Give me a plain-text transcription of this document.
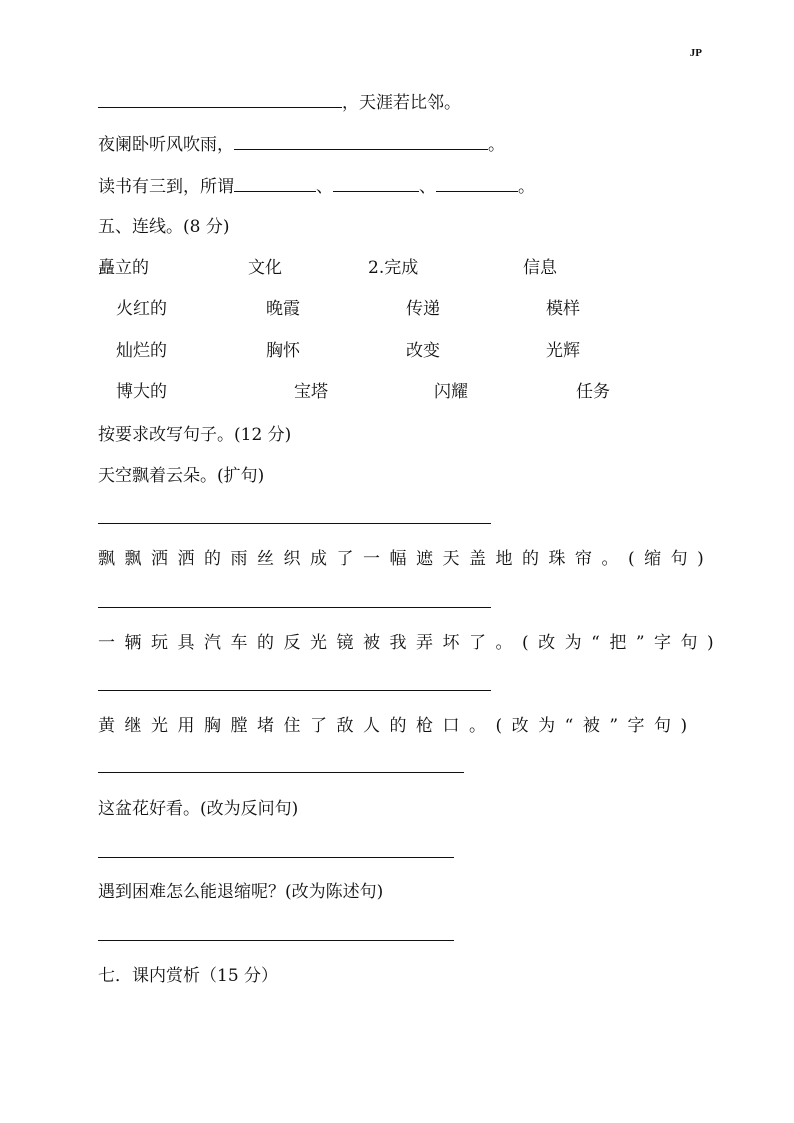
JP
，天涯若比邻。
夜阑卧听风吹雨，	。
读书有三到，所谓	、	、	。
五、连线。(8 分)
矗立的	文化	2.完成	信息
火红的	晚霞	传递	模样
灿烂的	胸怀	改变	光辉
博大的	宝塔	闪耀	任务
按要求改写句子。(12 分)
天空飘着云朵。(扩句)
飘飘洒洒的雨丝织成了一幅遮天盖地的珠帘。(缩句)
一辆玩具汽车的反光镜被我弄坏了。(改为“把”字句)
黄继光用胸膛堵住了敌人的枪口。(改为“被”字句)
这盆花好看。(改为反问句)
遇到困难怎么能退缩呢？(改为陈述句)
七．课内赏析（15 分）
